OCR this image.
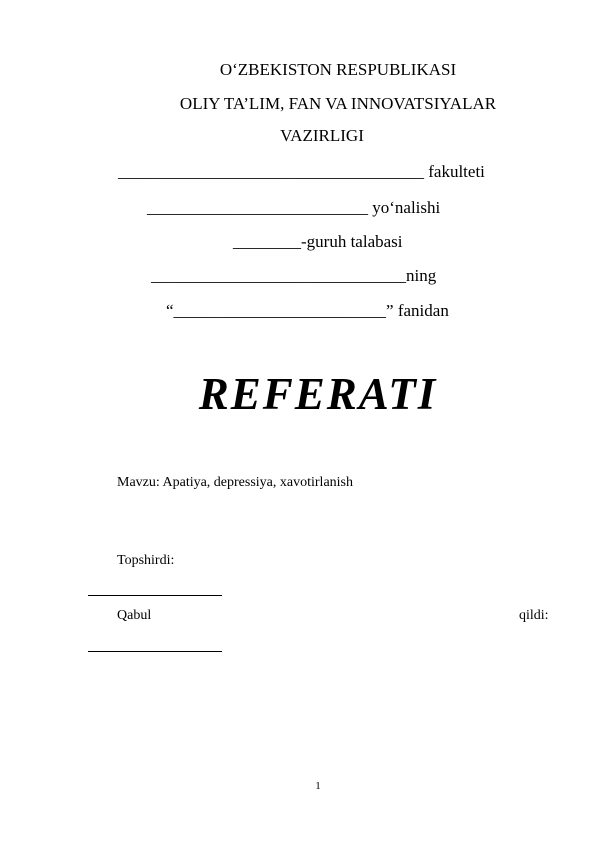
O‘ZBEKISTON RESPUBLIKASI
OLIY TA’LIM, FAN VA INNOVATSIYALAR
VAZIRLIGI
____________________________________ fakulteti
__________________________ yo‘nalishi
________-guruh talabasi
______________________________ning
“_________________________” fanidan
REFERATI
Mavzu: Apatiya, depressiya, xavotirlanish
Topshirdi:
Qabul	qildi:
1
